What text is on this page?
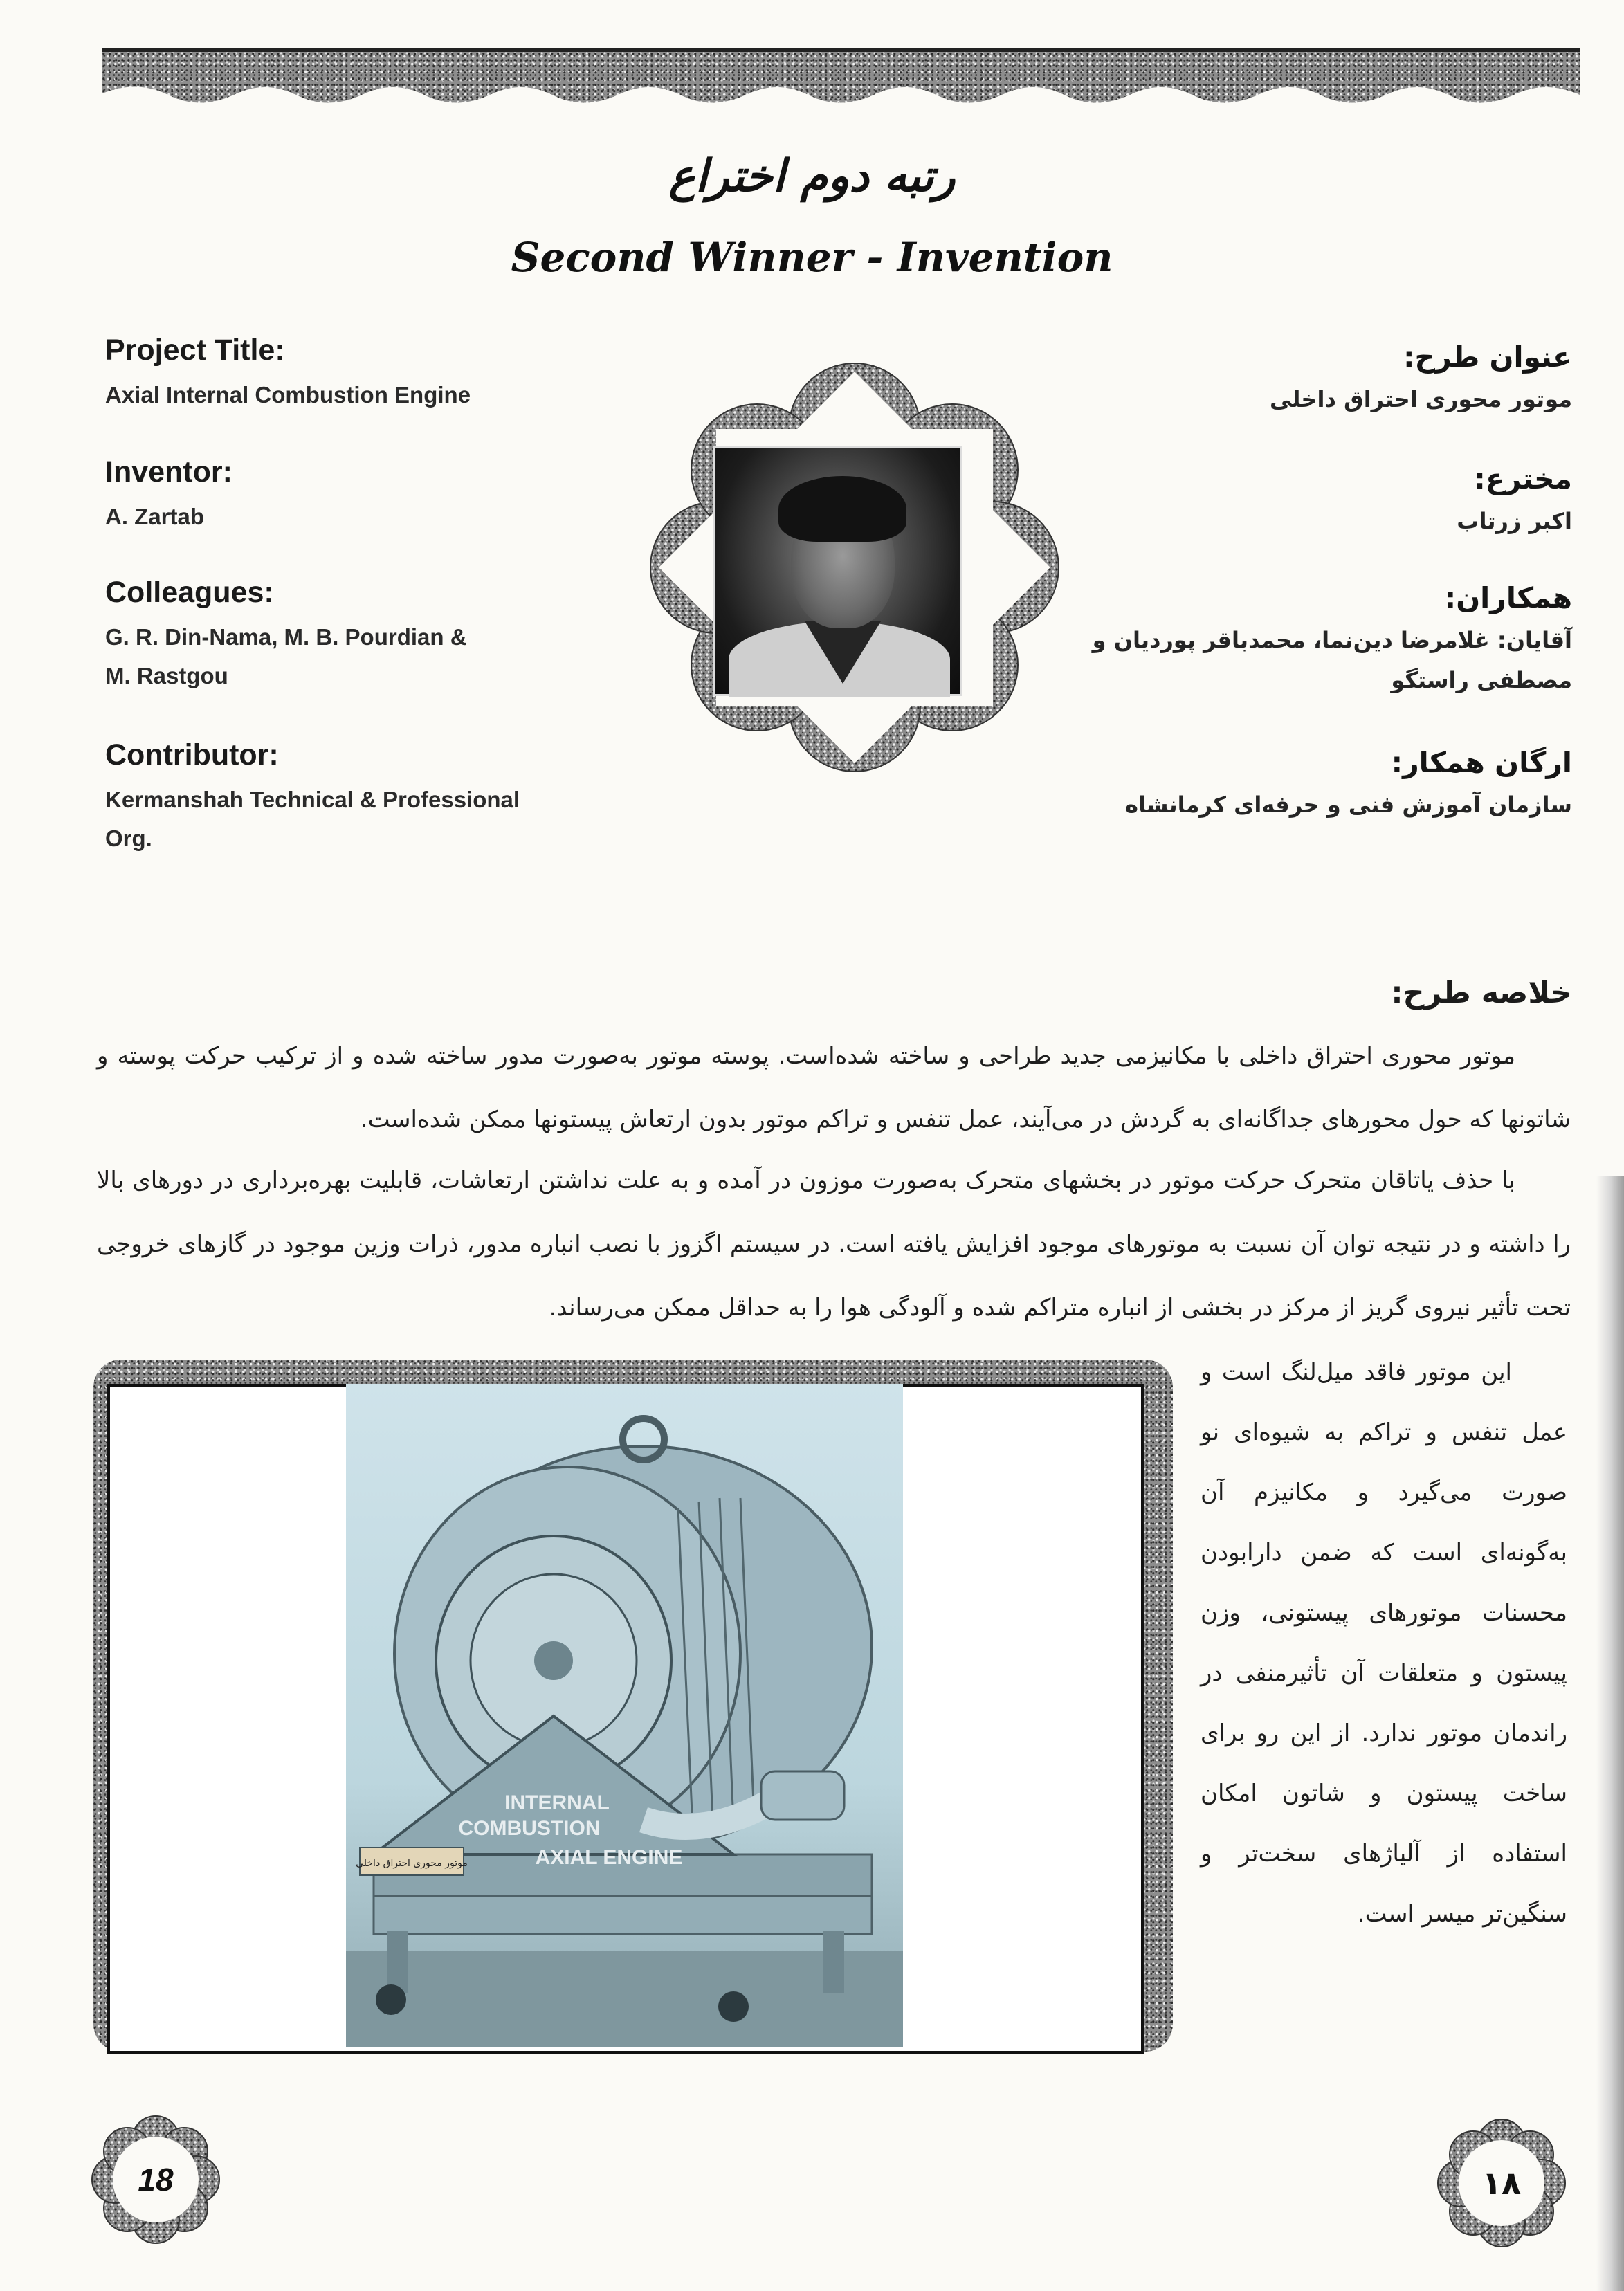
رتبه دوم اختراع
Second Winner - Invention
Project Title:
Axial Internal Combustion Engine
Inventor:
A. Zartab
Colleagues:
G. R. Din-Nama, M. B. Pourdian &
M. Rastgou
Contributor:
Kermanshah Technical & Professional
Org.
عنوان طرح:
موتور محوری احتراق داخلی
مخترع:
اکبر زرتاب
همکاران:
آقایان: غلامرضا دین‌نما، محمدباقر پوردیان و
مصطفی راستگو
ارگان همکار:
سازمان آموزش فنی و حرفه‌ای کرمانشاه
خلاصه طرح:
موتور محوری احتراق داخلی با مکانیزمی جدید طراحی و ساخته شده‌است. پوسته موتور به‌صورت مدور ساخته شده و از ترکیب حرکت پوسته و شاتونها که حول محورهای جداگانه‌ای به گردش در می‌آیند، عمل تنفس و تراکم موتور بدون ارتعاش پیستونها ممکن شده‌است.
با حذف یاتاقان متحرک حرکت موتور در بخشهای متحرک به‌صورت موزون در آمده و به علت نداشتن ارتعاشات، قابلیت بهره‌برداری در دورهای بالا را داشته و در نتیجه توان آن نسبت به موتورهای موجود افزایش یافته است. در سیستم اگزوز با نصب انباره مدور، ذرات وزین موجود در گازهای خروجی تحت تأثیر نیروی گریز از مرکز در بخشی از انباره متراکم شده و آلودگی هوا را به حداقل ممکن می‌رساند.
این موتور فاقد میل‌لنگ است و عمل تنفس و تراکم به شیوه‌ای نو صورت می‌گیرد و مکانیزم آن به‌گونه‌ای است که ضمن دارابودن محسنات موتورهای پیستونی، وزن پیستون و متعلقات آن تأثیرمنفی در راندمان موتور ندارد. از این رو برای ساخت پیستون و شاتون امکان استفاده از آلیاژهای سخت‌تر و سنگین‌تر میسر است.
INTERNAL
COMBUSTION
AXIAL ENGINE
موتور محوری احتراق داخلی
18	۱۸
